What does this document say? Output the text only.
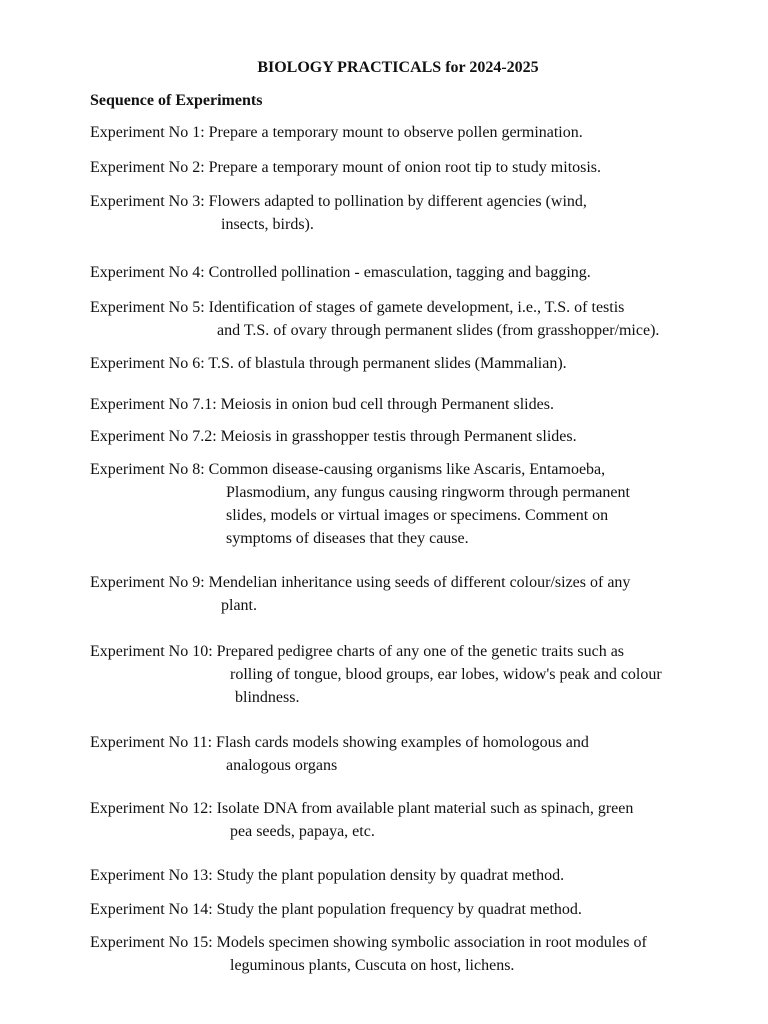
BIOLOGY PRACTICALS for 2024-2025
Sequence of Experiments
Experiment No 1: Prepare a temporary mount to observe pollen germination.
Experiment No 2: Prepare a temporary mount of onion root tip to study mitosis.
Experiment No 3: Flowers adapted to pollination by different agencies (wind,
insects, birds).
Experiment No 4: Controlled pollination - emasculation, tagging and bagging.
Experiment No 5: Identification of stages of gamete development, i.e., T.S. of testis
and T.S. of ovary through permanent slides (from grasshopper/mice).
Experiment No 6: T.S. of blastula through permanent slides (Mammalian).
Experiment No 7.1: Meiosis in onion bud cell through Permanent slides.
Experiment No 7.2: Meiosis in grasshopper testis through Permanent slides.
Experiment No 8: Common disease-causing organisms like Ascaris, Entamoeba,
Plasmodium, any fungus causing ringworm through permanent
slides, models or virtual images or specimens. Comment on
symptoms of diseases that they cause.
Experiment No 9: Mendelian inheritance using seeds of different colour/sizes of any
plant.
Experiment No 10: Prepared pedigree charts of any one of the genetic traits such as
rolling of tongue, blood groups, ear lobes, widow's peak and colour
blindness.
Experiment No 11: Flash cards models showing examples of homologous and
analogous organs
Experiment No 12: Isolate DNA from available plant material such as spinach, green
pea seeds, papaya, etc.
Experiment No 13: Study the plant population density by quadrat method.
Experiment No 14: Study the plant population frequency by quadrat method.
Experiment No 15: Models specimen showing symbolic association in root modules of
leguminous plants, Cuscuta on host, lichens.
